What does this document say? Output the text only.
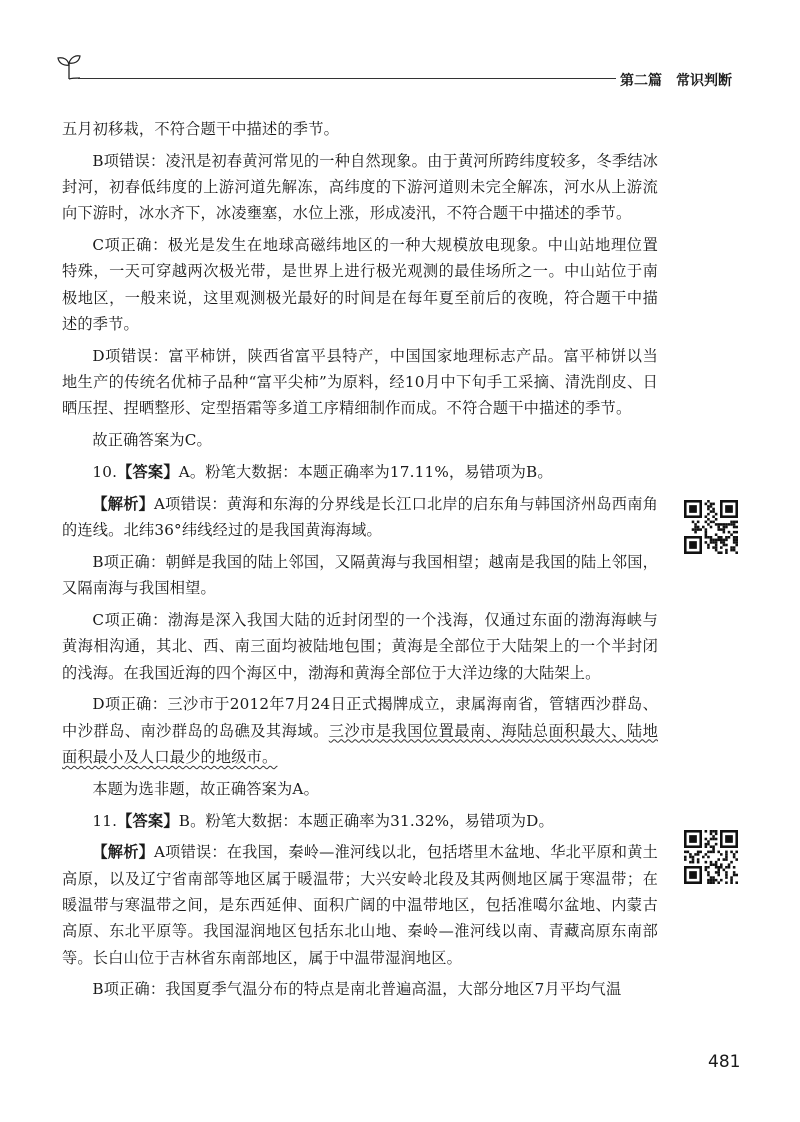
第二篇　常识判断

五月初移栽，不符合题干中描述的季节。

B项错误：凌汛是初春黄河常见的一种自然现象。由于黄河所跨纬度较多，冬季结冰封河，初春低纬度的上游河道先解冻，高纬度的下游河道则未完全解冻，河水从上游流向下游时，冰水齐下，冰凌壅塞，水位上涨，形成凌汛，不符合题干中描述的季节。

C项正确：极光是发生在地球高磁纬地区的一种大规模放电现象。中山站地理位置特殊，一天可穿越两次极光带，是世界上进行极光观测的最佳场所之一。中山站位于南极地区，一般来说，这里观测极光最好的时间是在每年夏至前后的夜晚，符合题干中描述的季节。

D项错误：富平柿饼，陕西省富平县特产，中国国家地理标志产品。富平柿饼以当地生产的传统名优柿子品种“富平尖柿”为原料，经10月中下旬手工采摘、清洗削皮、日晒压捏、捏晒整形、定型捂霜等多道工序精细制作而成。不符合题干中描述的季节。

故正确答案为C。

10.【答案】A。粉笔大数据：本题正确率为17.11%，易错项为B。

【解析】A项错误：黄海和东海的分界线是长江口北岸的启东角与韩国济州岛西南角的连线。北纬36°纬线经过的是我国黄海海域。

B项正确：朝鲜是我国的陆上邻国，又隔黄海与我国相望；越南是我国的陆上邻国，又隔南海与我国相望。

C项正确：渤海是深入我国大陆的近封闭型的一个浅海，仅通过东面的渤海海峡与黄海相沟通，其北、西、南三面均被陆地包围；黄海是全部位于大陆架上的一个半封闭的浅海。在我国近海的四个海区中，渤海和黄海全部位于大洋边缘的大陆架上。

D项正确：三沙市于2012年7月24日正式揭牌成立，隶属海南省，管辖西沙群岛、中沙群岛、南沙群岛的岛礁及其海域。三沙市是我国位置最南、海陆总面积最大、陆地面积最小及人口最少的地级市。

本题为选非题，故正确答案为A。

11.【答案】B。粉笔大数据：本题正确率为31.32%，易错项为D。

【解析】A项错误：在我国，秦岭—淮河线以北，包括塔里木盆地、华北平原和黄土高原，以及辽宁省南部等地区属于暖温带；大兴安岭北段及其两侧地区属于寒温带；在暖温带与寒温带之间，是东西延伸、面积广阔的中温带地区，包括准噶尔盆地、内蒙古高原、东北平原等。我国湿润地区包括东北山地、秦岭—淮河线以南、青藏高原东南部等。长白山位于吉林省东南部地区，属于中温带湿润地区。

B项正确：我国夏季气温分布的特点是南北普遍高温，大部分地区7月平均气温

481
